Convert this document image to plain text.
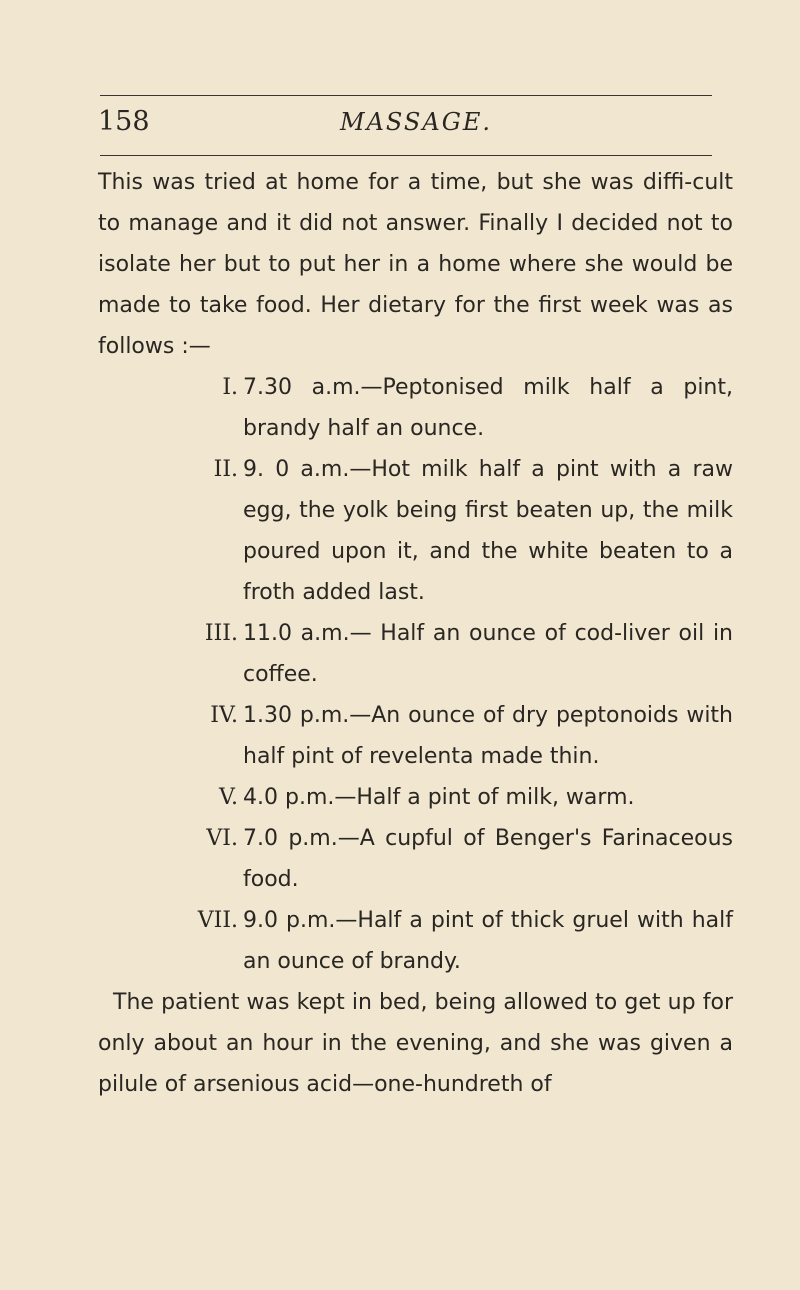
158	MASSAGE.

This was tried at home for a time, but she was diffi-cult to manage and it did not answer. Finally I decided not to isolate her but to put her in a home where she would be made to take food. Her dietary for the first week was as follows :—

I. 7.30 a.m.—Peptonised milk half a pint, brandy half an ounce.

II. 9. 0 a.m.—Hot milk half a pint with a raw egg, the yolk being first beaten up, the milk poured upon it, and the white beaten to a froth added last.

III. 11.0 a.m.— Half an ounce of cod-liver oil in coffee.

IV. 1.30 p.m.—An ounce of dry peptonoids with half pint of revelenta made thin.

V. 4.0 p.m.—Half a pint of milk, warm.

VI. 7.0 p.m.—A cupful of Benger's Farinaceous food.

VII. 9.0 p.m.—Half a pint of thick gruel with half an ounce of brandy.

The patient was kept in bed, being allowed to get up for only about an hour in the evening, and she was given a pilule of arsenious acid—one-hundreth of
